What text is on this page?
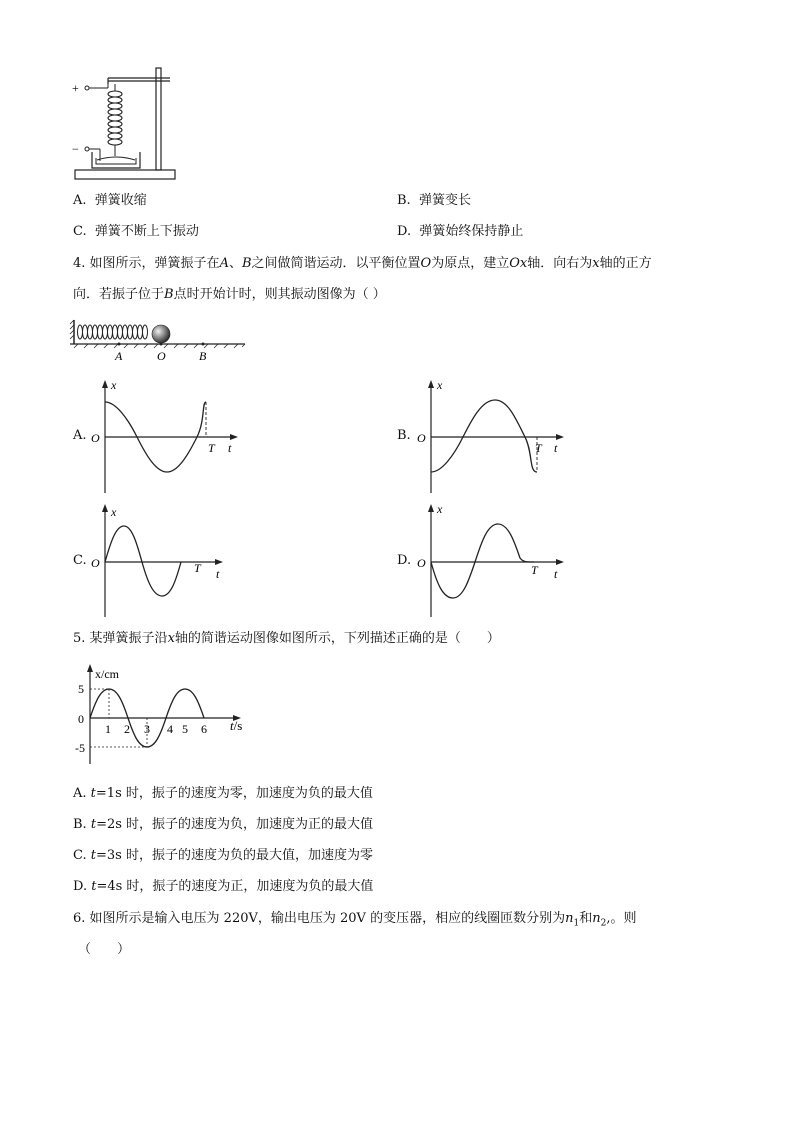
+
−
A. 弹簧收缩	B. 弹簧变长
C. 弹簧不断上下振动	D. 弹簧始终保持静止
4. 如图所示，弹簧振子在A、B之间做简谐运动．以平衡位置O为原点，建立Ox轴．向右为x轴的正方
向．若振子位于B点时开始计时，则其振动图像为（ ）
A	O	B
A.
x
O
T t
B.
x
O
T t
C.
x
O	T t
D.
x
O	T t
5. 某弹簧振子沿x轴的简谐运动图像如图所示，下列描述正确的是（　　）
x/cm
5
0
-5
1 2 3 4 5 6 t/s
A. t=1s 时，振子的速度为零，加速度为负的最大值
B. t=2s 时，振子的速度为负，加速度为正的最大值
C. t=3s 时，振子的速度为负的最大值，加速度为零
D. t=4s 时，振子的速度为正，加速度为负的最大值
6. 如图所示是输入电压为 220V，输出电压为 20V 的变压器，相应的线圈匝数分别为$n_1$和$n_2$,。则
（　　）
